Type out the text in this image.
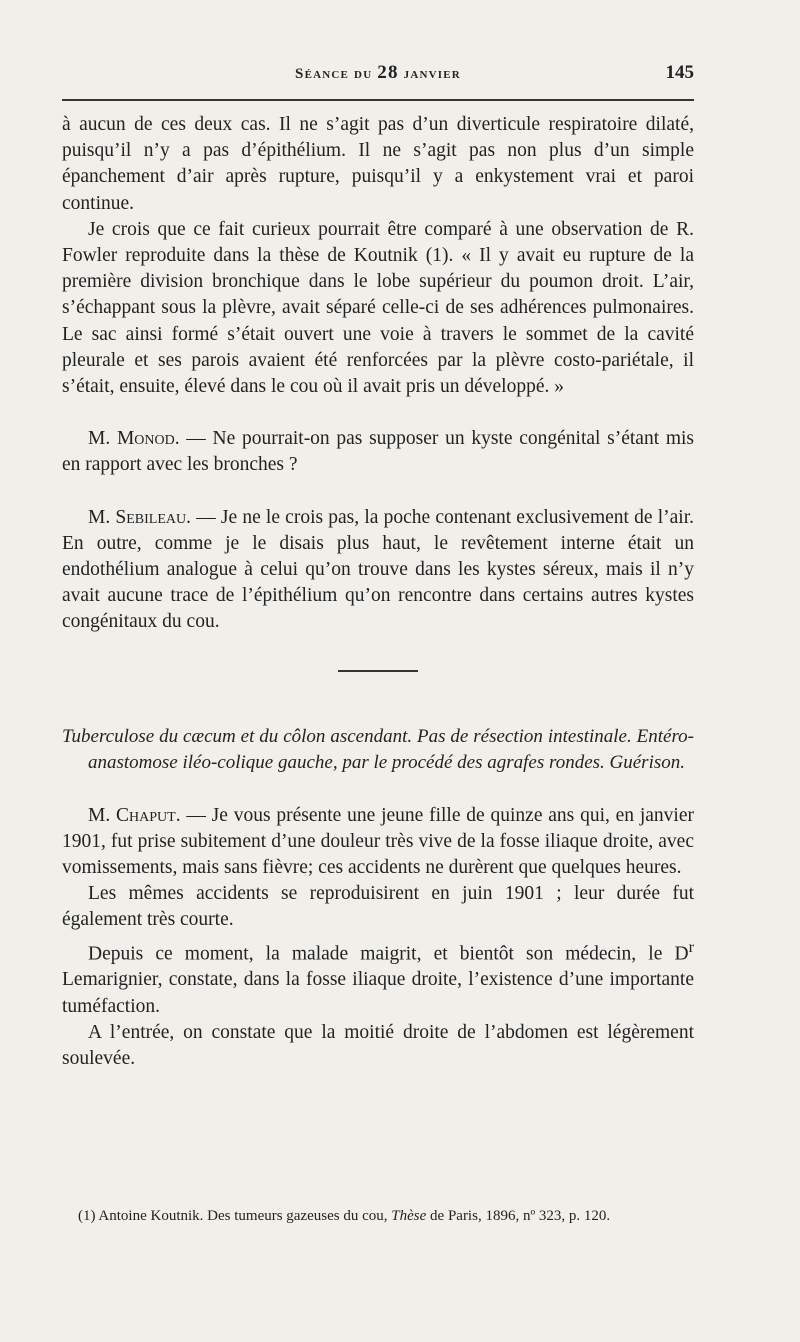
Séance du 28 janvier	145

à aucun de ces deux cas. Il ne s’agit pas d’un diverticule respiratoire dilaté, puisqu’il n’y a pas d’épithélium. Il ne s’agit pas non plus d’un simple épanchement d’air après rupture, puisqu’il y a enkystement vrai et paroi continue.

Je crois que ce fait curieux pourrait être comparé à une observation de R. Fowler reproduite dans la thèse de Koutnik (1). « Il y avait eu rupture de la première division bronchique dans le lobe supérieur du poumon droit. L’air, s’échappant sous la plèvre, avait séparé celle-ci de ses adhérences pulmonaires. Le sac ainsi formé s’était ouvert une voie à travers le sommet de la cavité pleurale et ses parois avaient été renforcées par la plèvre costo-pariétale, il s’était, ensuite, élevé dans le cou où il avait pris un développé. »

M. Monod. — Ne pourrait-on pas supposer un kyste congénital s’étant mis en rapport avec les bronches ?

M. Sebileau. — Je ne le crois pas, la poche contenant exclusivement de l’air. En outre, comme je le disais plus haut, le revêtement interne était un endothélium analogue à celui qu’on trouve dans les kystes séreux, mais il n’y avait aucune trace de l’épithélium qu’on rencontre dans certains autres kystes congénitaux du cou.

Tuberculose du cæcum et du côlon ascendant. Pas de résection intestinale. Entéro-anastomose iléo-colique gauche, par le procédé des agrafes rondes. Guérison.

M. Chaput. — Je vous présente une jeune fille de quinze ans qui, en janvier 1901, fut prise subitement d’une douleur très vive de la fosse iliaque droite, avec vomissements, mais sans fièvre; ces accidents ne durèrent que quelques heures.

Les mêmes accidents se reproduisirent en juin 1901 ; leur durée fut également très courte.

Depuis ce moment, la malade maigrit, et bientôt son médecin, le $D^r$ Lemarignier, constate, dans la fosse iliaque droite, l’existence d’une importante tuméfaction.

A l’entrée, on constate que la moitié droite de l’abdomen est légèrement soulevée.

(1) Antoine Koutnik. Des tumeurs gazeuses du cou, Thèse de Paris, 1896, nº 323, p. 120.
